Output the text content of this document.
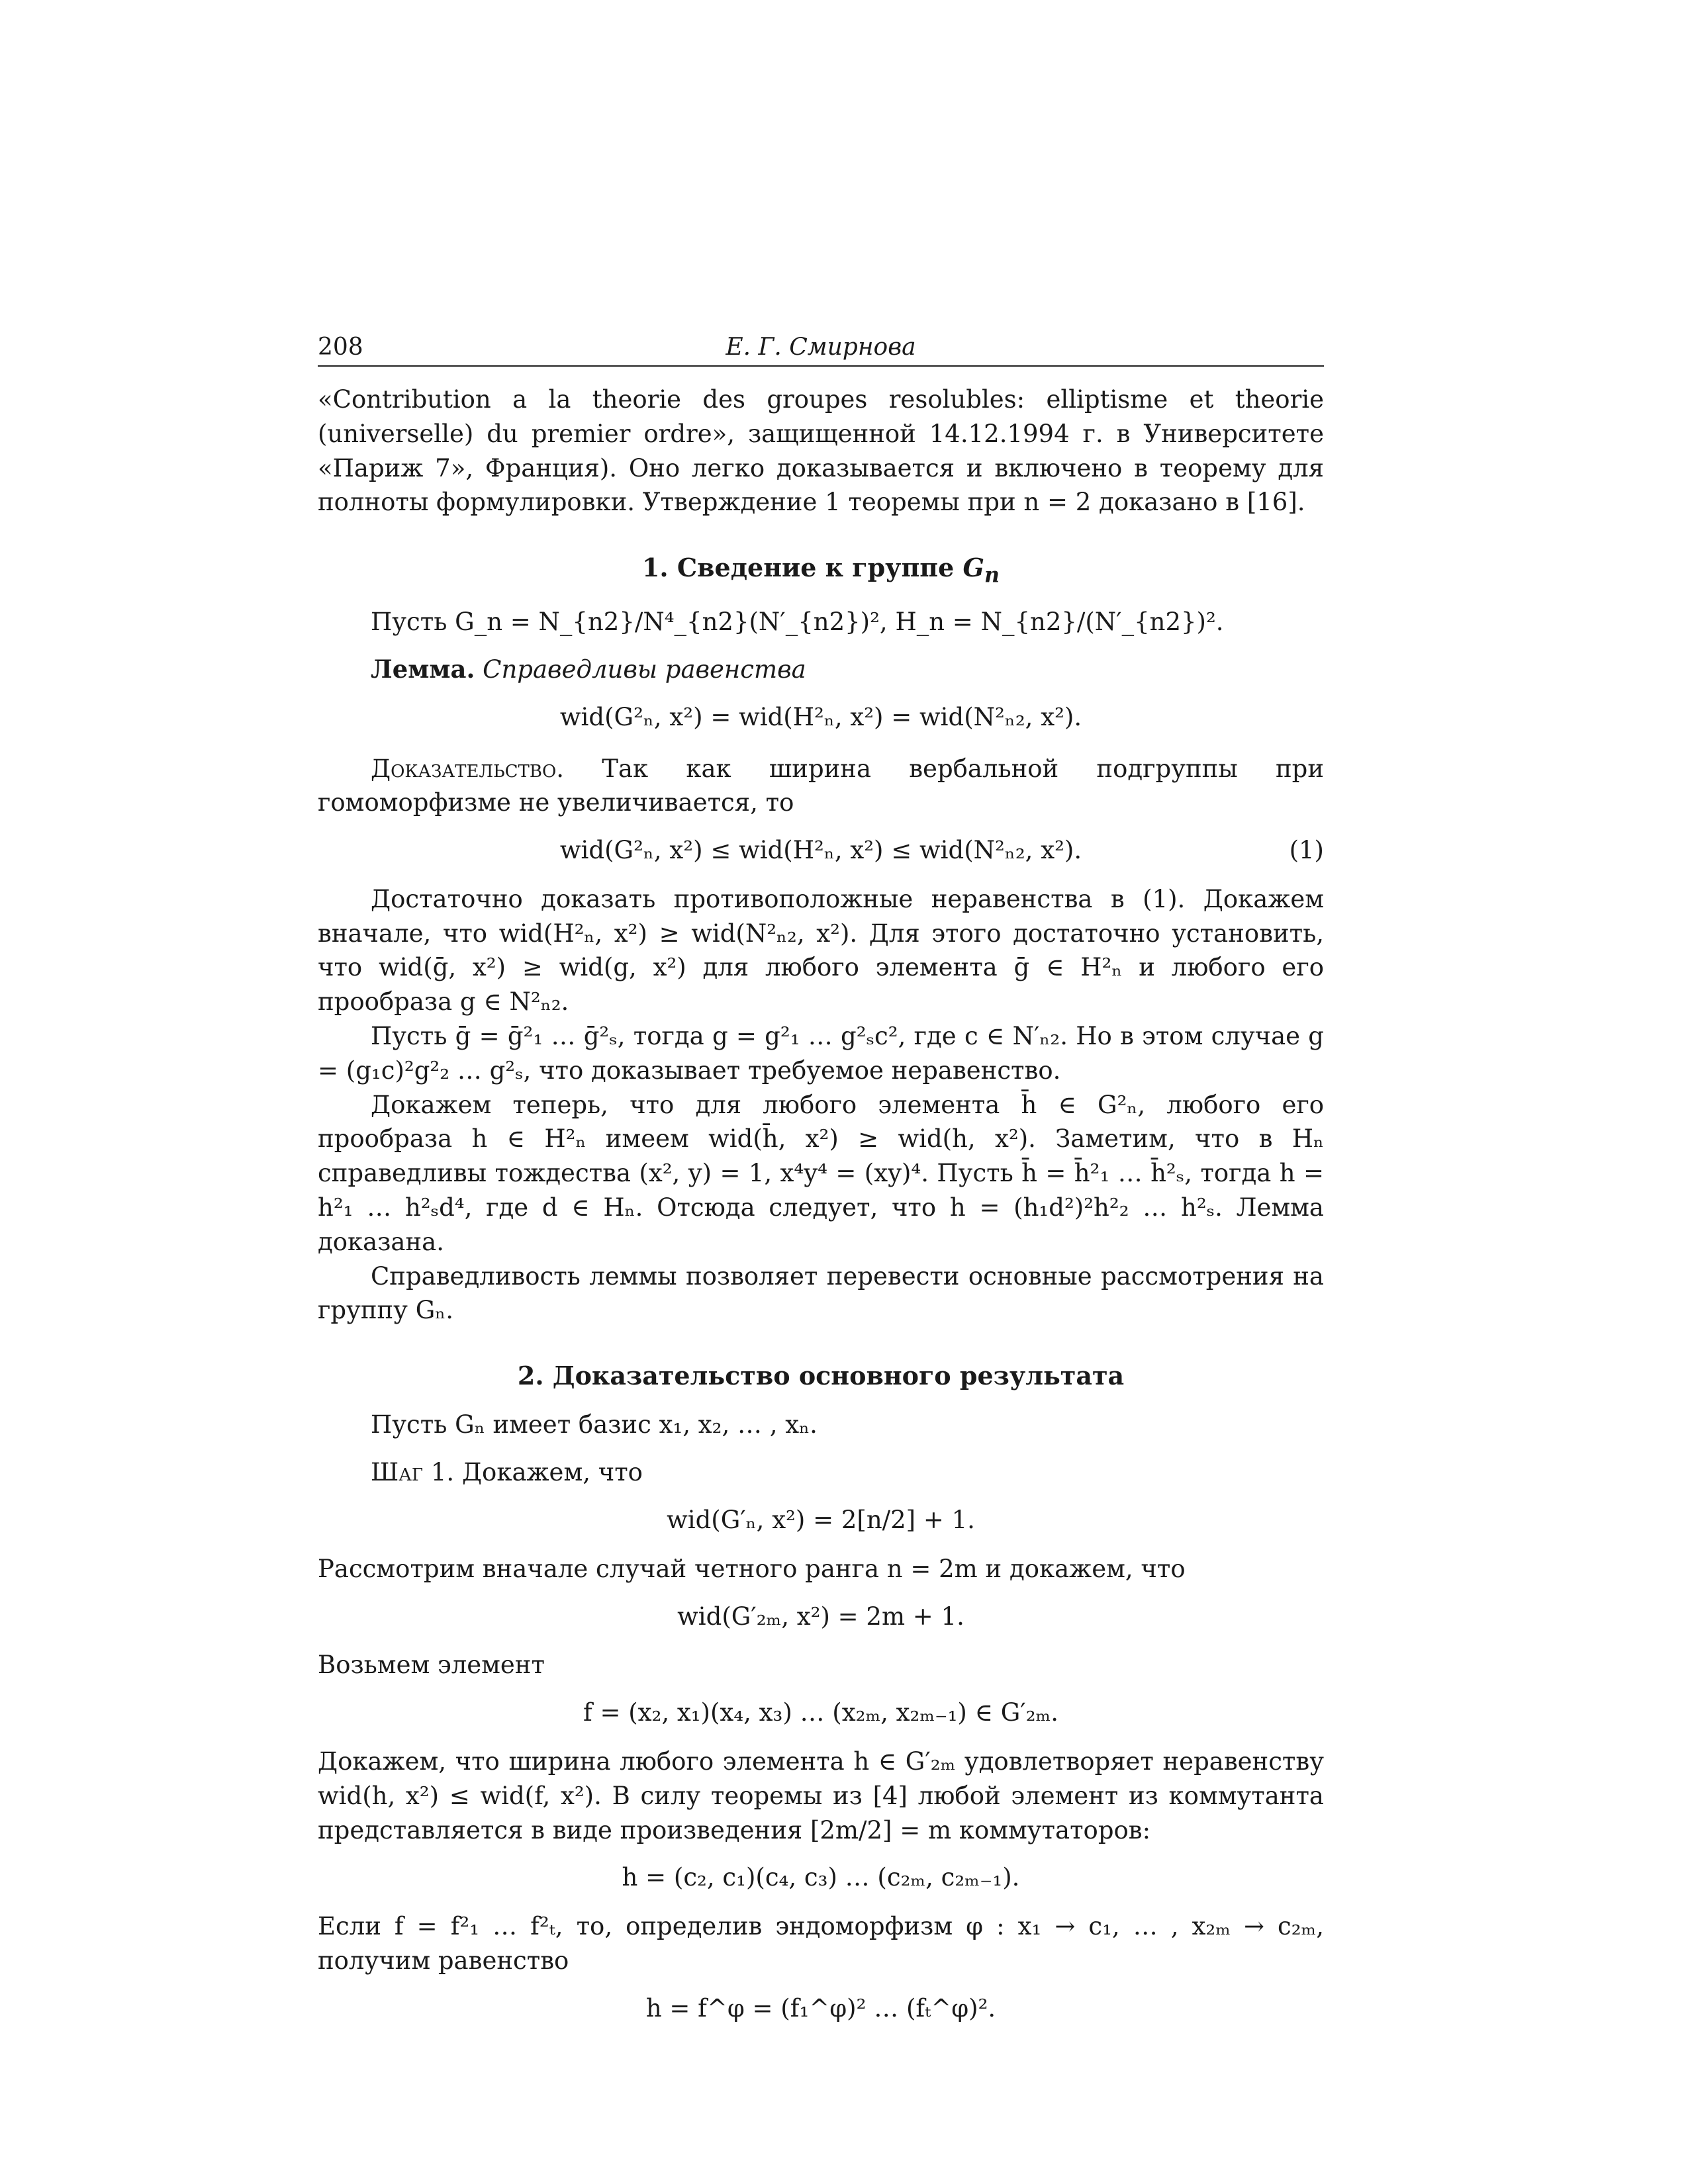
208	Е. Г. Смирнова

«Contribution a la theorie des groupes resolubles: elliptisme et theorie (universelle) du premier ordre», защищенной 14.12.1994 г. в Университете «Париж 7», Франция). Оно легко доказывается и включено в теорему для полноты формулировки. Утверждение 1 теоремы при n = 2 доказано в [16].

1. Сведение к группе $G_n$

Пусть G_n = N_{n2}/N⁴_{n2}(N′_{n2})², H_n = N_{n2}/(N′_{n2})².

Лемма. Справедливы равенства

wid(G²ₙ, x²) = wid(H²ₙ, x²) = wid(N²ₙ₂, x²).

Доказательство. Так как ширина вербальной подгруппы при гомоморфизме не увеличивается, то

wid(G²ₙ, x²) ≤ wid(H²ₙ, x²) ≤ wid(N²ₙ₂, x²).	(1)

Достаточно доказать противоположные неравенства в (1). Докажем вначале, что wid(H²ₙ, x²) ≥ wid(N²ₙ₂, x²). Для этого достаточно установить, что wid(ḡ, x²) ≥ wid(g, x²) для любого элемента ḡ ∈ H²ₙ и любого его прообраза g ∈ N²ₙ₂.

Пусть ḡ = ḡ²₁ … ḡ²ₛ, тогда g = g²₁ … g²ₛc², где c ∈ N′ₙ₂. Но в этом случае g = (g₁c)²g²₂ … g²ₛ, что доказывает требуемое неравенство.

Докажем теперь, что для любого элемента h̄ ∈ G²ₙ, любого его прообраза h ∈ H²ₙ имеем wid(h̄, x²) ≥ wid(h, x²). Заметим, что в Hₙ справедливы тождества (x², y) = 1, x⁴y⁴ = (xy)⁴. Пусть h̄ = h̄²₁ … h̄²ₛ, тогда h = h²₁ … h²ₛd⁴, где d ∈ Hₙ. Отсюда следует, что h = (h₁d²)²h²₂ … h²ₛ. Лемма доказана.

Справедливость леммы позволяет перевести основные рассмотрения на группу Gₙ.

2. Доказательство основного результата

Пусть Gₙ имеет базис x₁, x₂, … , xₙ.

Шаг 1. Докажем, что

wid(G′ₙ, x²) = 2[n/2] + 1.

Рассмотрим вначале случай четного ранга n = 2m и докажем, что

wid(G′₂ₘ, x²) = 2m + 1.

Возьмем элемент

f = (x₂, x₁)(x₄, x₃) … (x₂ₘ, x₂ₘ₋₁) ∈ G′₂ₘ.

Докажем, что ширина любого элемента h ∈ G′₂ₘ удовлетворяет неравенству wid(h, x²) ≤ wid(f, x²). В силу теоремы из [4] любой элемент из коммутанта представляется в виде произведения [2m/2] = m коммутаторов:

h = (c₂, c₁)(c₄, c₃) … (c₂ₘ, c₂ₘ₋₁).

Если f = f²₁ … f²ₜ, то, определив эндоморфизм φ : x₁ → c₁, … , x₂ₘ → c₂ₘ, получим равенство

h = f^φ = (f₁^φ)² … (fₜ^φ)².
